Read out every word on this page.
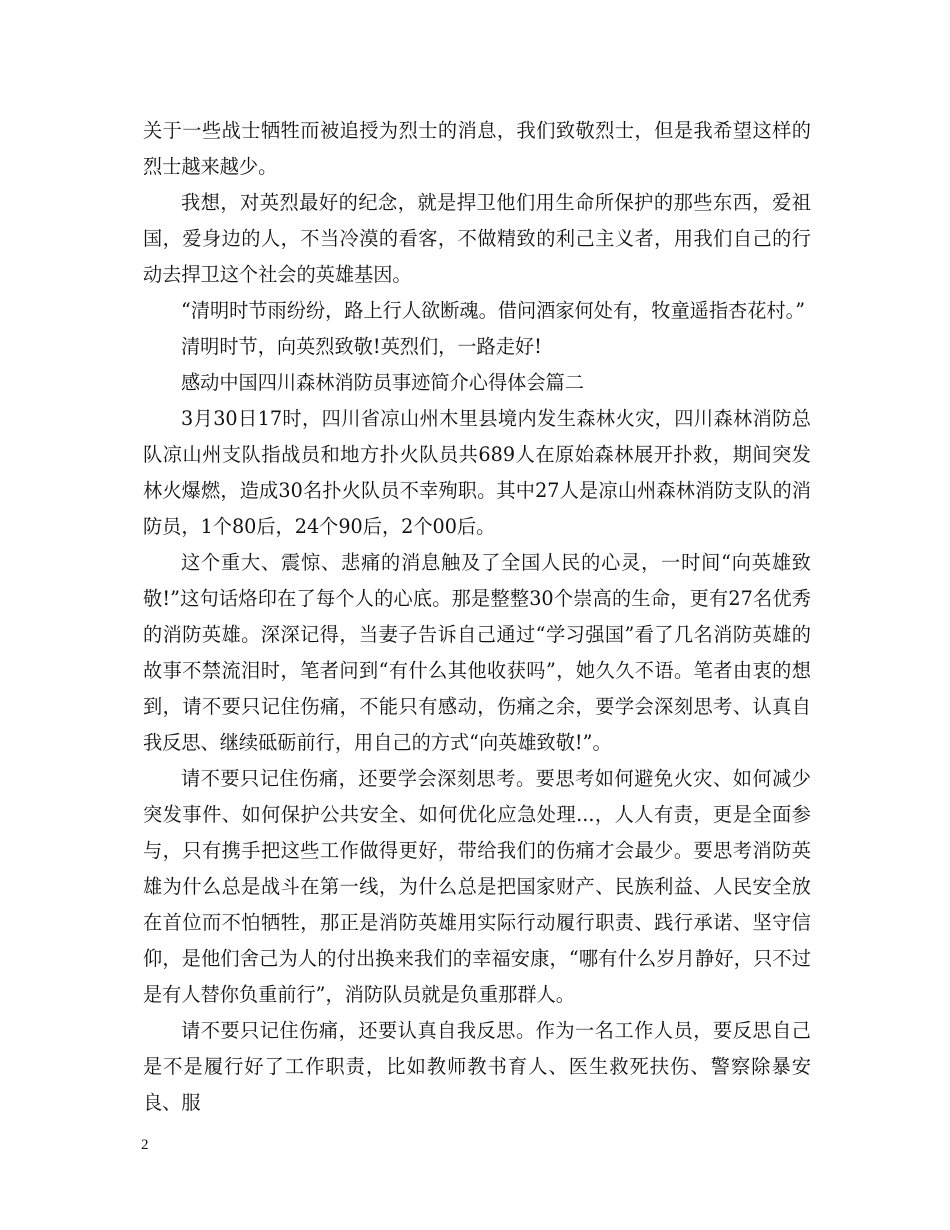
关于一些战士牺牲而被追授为烈士的消息，我们致敬烈士，但是我希望这样的烈士越来越少。

我想，对英烈最好的纪念，就是捍卫他们用生命所保护的那些东西，爱祖国，爱身边的人，不当冷漠的看客，不做精致的利己主义者，用我们自己的行动去捍卫这个社会的英雄基因。

“清明时节雨纷纷，路上行人欲断魂。借问酒家何处有，牧童遥指杏花村。”

清明时节，向英烈致敬!英烈们，一路走好!

感动中国四川森林消防员事迹简介心得体会篇二

3月30日17时，四川省凉山州木里县境内发生森林火灾，四川森林消防总队凉山州支队指战员和地方扑火队员共689人在原始森林展开扑救，期间突发林火爆燃，造成30名扑火队员不幸殉职。其中27人是凉山州森林消防支队的消防员，1个80后，24个90后，2个00后。

这个重大、震惊、悲痛的消息触及了全国人民的心灵，一时间“向英雄致敬!”这句话烙印在了每个人的心底。那是整整30个崇高的生命，更有27名优秀的消防英雄。深深记得，当妻子告诉自己通过“学习强国”看了几名消防英雄的故事不禁流泪时，笔者问到“有什么其他收获吗”，她久久不语。笔者由衷的想到，请不要只记住伤痛，不能只有感动，伤痛之余，要学会深刻思考、认真自我反思、继续砥砺前行，用自己的方式“向英雄致敬!”。

请不要只记住伤痛，还要学会深刻思考。要思考如何避免火灾、如何减少突发事件、如何保护公共安全、如何优化应急处理...，人人有责，更是全面参与，只有携手把这些工作做得更好，带给我们的伤痛才会最少。要思考消防英雄为什么总是战斗在第一线，为什么总是把国家财产、民族利益、人民安全放在首位而不怕牺牲，那正是消防英雄用实际行动履行职责、践行承诺、坚守信仰，是他们舍己为人的付出换来我们的幸福安康，“哪有什么岁月静好，只不过是有人替你负重前行”，消防队员就是负重那群人。

请不要只记住伤痛，还要认真自我反思。作为一名工作人员，要反思自己是不是履行好了工作职责，比如教师教书育人、医生救死扶伤、警察除暴安良、服

2
